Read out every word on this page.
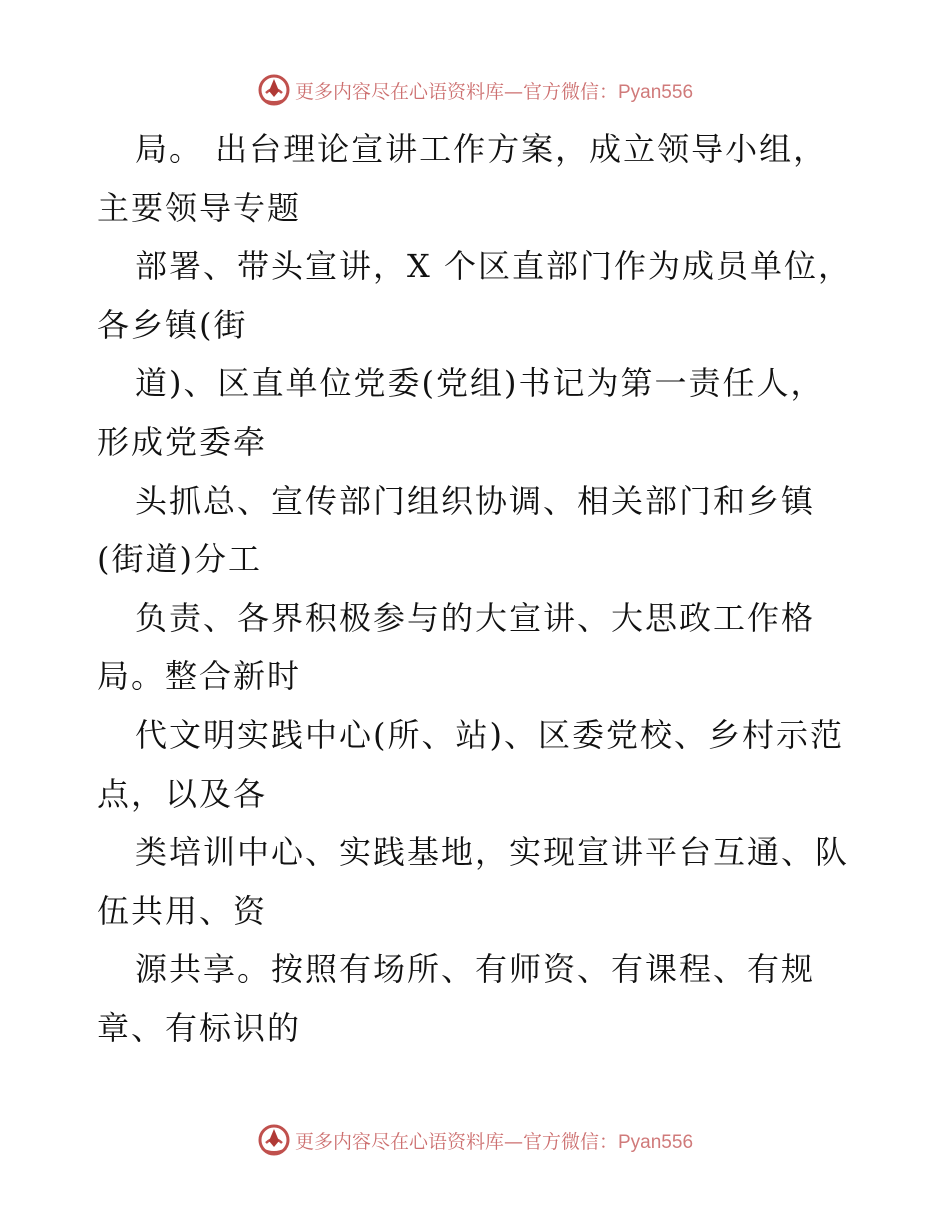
更多内容尽在心语资料库—官方微信：Pyan556
局。 出台理论宣讲工作方案，成立领导小组，
主要领导专题
部署、带头宣讲，X 个区直部门作为成员单位，
各乡镇(街
道)、区直单位党委(党组)书记为第一责任人，
形成党委牵
头抓总、宣传部门组织协调、相关部门和乡镇
(街道)分工
负责、各界积极参与的大宣讲、大思政工作格
局。整合新时
代文明实践中心(所、站)、区委党校、乡村示范
点，以及各
类培训中心、实践基地，实现宣讲平台互通、队
伍共用、资
源共享。按照有场所、有师资、有课程、有规
章、有标识的
更多内容尽在心语资料库—官方微信：Pyan556
